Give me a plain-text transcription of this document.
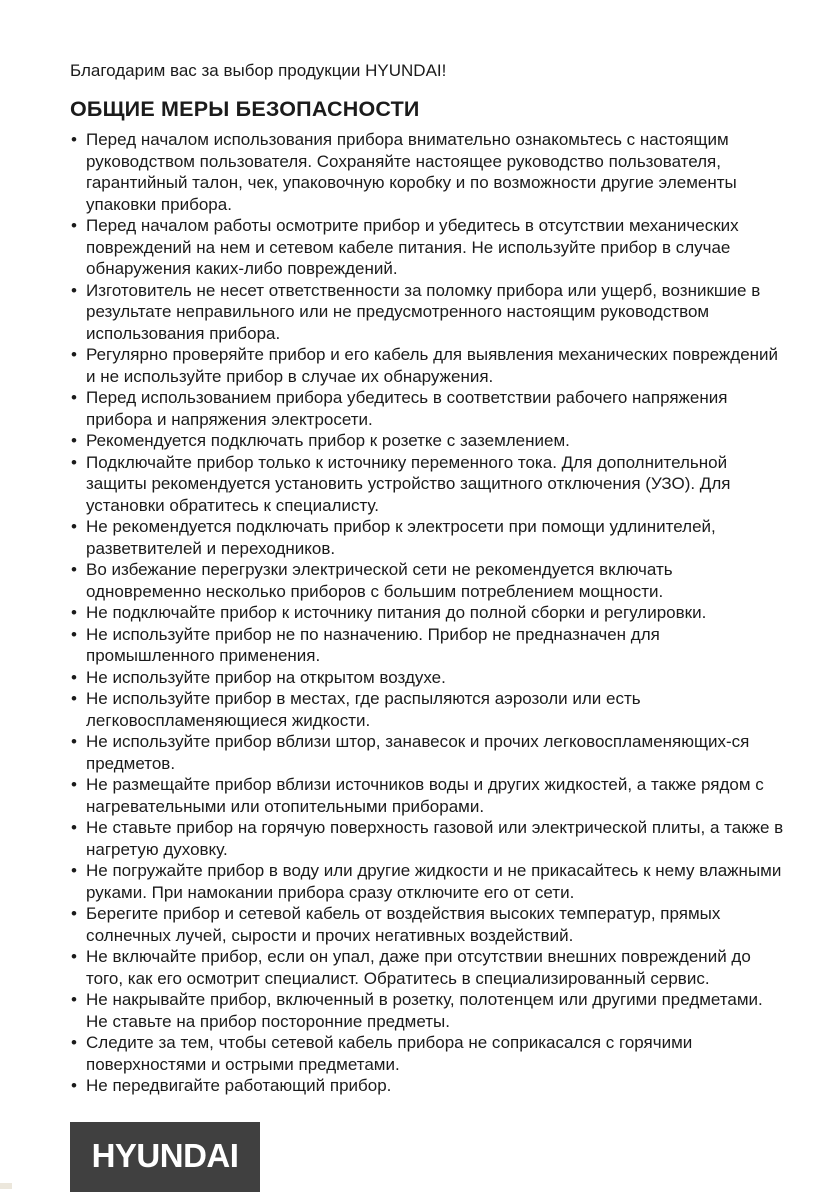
Благодарим вас за выбор продукции HYUNDAI!

ОБЩИЕ МЕРЫ БЕЗОПАСНОСТИ
• Перед началом использования прибора внимательно ознакомьтесь с настоящим руководством пользователя. Сохраняйте настоящее руководство пользователя, гарантийный талон, чек, упаковочную коробку и по возможности другие элементы упаковки прибора.
• Перед началом работы осмотрите прибор и убедитесь в отсутствии механических повреждений на нем и сетевом кабеле питания. Не используйте прибор в случае обнаружения каких-либо повреждений.
• Изготовитель не несет ответственности за поломку прибора или ущерб, возникшие в результате неправильного или не предусмотренного настоящим руководством использования прибора.
• Регулярно проверяйте прибор и его кабель для выявления механических повреждений и не используйте прибор в случае их обнаружения.
• Перед использованием прибора убедитесь в соответствии рабочего напряжения прибора и напряжения электросети.
• Рекомендуется подключать прибор к розетке с заземлением.
• Подключайте прибор только к источнику переменного тока. Для дополнительной защиты рекомендуется установить устройство защитного отключения (УЗО). Для установки обратитесь к специалисту.
• Не рекомендуется подключать прибор к электросети при помощи удлинителей, разветвителей и переходников.
• Во избежание перегрузки электрической сети не рекомендуется включать одновременно несколько приборов с большим потреблением мощности.
• Не подключайте прибор к источнику питания до полной сборки и регулировки.
• Не используйте прибор не по назначению. Прибор не предназначен для промышленного применения.
• Не используйте прибор на открытом воздухе.
• Не используйте прибор в местах, где распыляются аэрозоли или есть легковоспламеняющиеся жидкости.
• Не используйте прибор вблизи штор, занавесок и прочих легковоспламеняющих-ся предметов.
• Не размещайте прибор вблизи источников воды и других жидкостей, а также рядом с нагревательными или отопительными приборами.
• Не ставьте прибор на горячую поверхность газовой или электрической плиты, а также в нагретую духовку.
• Не погружайте прибор в воду или другие жидкости и не прикасайтесь к нему влажными руками. При намокании прибора сразу отключите его от сети.
• Берегите прибор и сетевой кабель от воздействия высоких температур, прямых солнечных лучей, сырости и прочих негативных воздействий.
• Не включайте прибор, если он упал, даже при отсутствии внешних повреждений до того, как его осмотрит специалист. Обратитесь в специализированный сервис.
• Не накрывайте прибор, включенный в розетку, полотенцем или другими предметами. Не ставьте на прибор посторонние предметы.
• Следите за тем, чтобы сетевой кабель прибора не соприкасался с горячими поверхностями и острыми предметами.
• Не передвигайте работающий прибор.
HYUNDAI
